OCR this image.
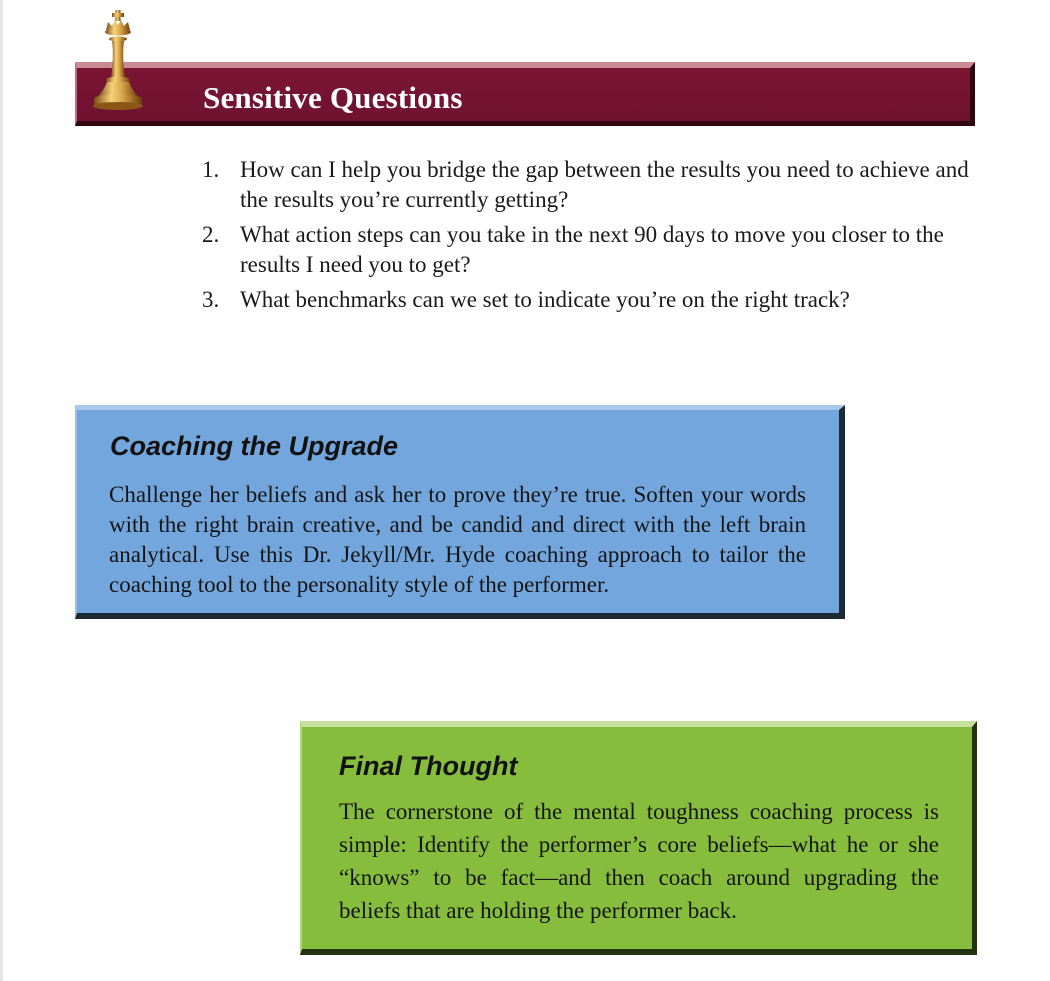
Sensitive Questions
1. How can I help you bridge the gap between the results you need to achieve and the results you’re currently getting?
2. What action steps can you take in the next 90 days to move you closer to the results I need you to get?
3. What benchmarks can we set to indicate you’re on the right track?
Coaching the Upgrade

Challenge her beliefs and ask her to prove they’re true. Soften your words with the right brain creative, and be candid and direct with the left brain analytical. Use this Dr. Jekyll/Mr. Hyde coaching approach to tailor the coaching tool to the personality style of the performer.

Final Thought

The cornerstone of the mental toughness coaching process is simple: Identify the performer’s core beliefs—what he or she “knows” to be fact—and then coach around upgrading the beliefs that are holding the performer back.
